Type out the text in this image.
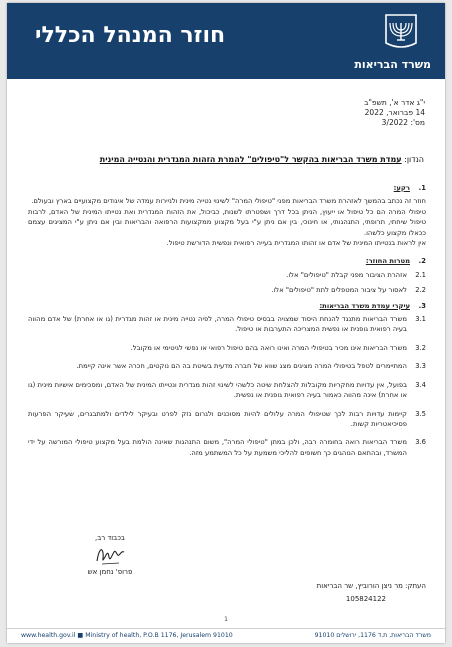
משרד הבריאות
חוזר המנהל הכללי
י"ג אדר א', תשפ"ב
14 פברואר, 2022
מס': 3/2022
הנדון: עמדת משרד הבריאות בהקשר ל"טיפולים" להמרת הזהות המגדרית והנטייה המינית
1.
רקע:
חוזר זה נכתב בהמשך לאזהרת משרד הבריאות מפני "טיפולי המרה" לשינוי נטייה מינית ולניירות עמדה של איגודים מקצועיים בארץ ובעולם.
טיפולי המרה הם כל טיפול או ייעוץ, הניתן בכל דרך ושפטרתו לשנות, כביכול, את הזהות המגדרית ואת נטייתו המינית של האדם, לרבות טיפול שיחתי, תרופתי, התנהגותי, או חינוכי, בין אם ניתן ע"י בעל מקצוע ממקצועות הרפואה והבריאות ובין אם ניתן ע"י המציגים עצמם ככאלו מקצוע כלשהו.
אין לראות בנטייתו המינית של אדם או זהותו המגדרית בעייה רפואית ונפשית הדורשת טיפול.
2.
מטרות החוזר:
2.1
אזהרת הציבור מפני קבלת "טיפולים" אלו.
2.2
לאסור על ציבור המטפלים לתת "טיפולים" אלו.
3.
עיקרי עמדת משרד הבריאות:
3.1
משרד הבריאות מתנגד להנחת היסוד שמצויה בבסיס טיפולי המרה, לפיה נטייה מינית או זהות מגדרית (גו או אחרת) של אדם מהווה בעיה רפואית גופנית או נפשית המצריכה התערבות או טיפול.
3.2
משרד הבריאות אינו מכיר בטיפולי המרה ואינו רואה בהם טיפול רפואי או נפשי לגיטימי או מקובל.
3.3
המתיימרים לטפל בטיפולי המרה מציגים מצג שווא של חברה מדעית בשיטת בה הם נוקטים, חכרה אשר אינה קיימת.
3.4
בפועל, אין עדויות מחקריות מקובלות להצלחת שיטה כלשהי לשינוי זהות מגדרית ונטייתו המינית של האדם, ומסכימים אישיות מינית (גו או אחרת) אינה מהווה כאמור בעיה רפואית גופנית או נפשית.
3.5
קיימות עדויות רבות לכך שטיפולי המרה עלולים להיות מסוכנים ולגרום נזק לפרט ובעיקר לילדים ולמתבגרים, שעיקר הפרעות פסיכיאטריות קשות.
3.6
משרד הבריאות רואה בחומרה רבה, ולכן במתן "טיפולי המרה", משום התנהגות שאינה הולמת בעל מקצוע טיפולי המורשה על ידי המשרד, ובהתאם הנוהגים כך חשופים להליכי משמעת על כל המשתמע מזה.
בכבוד רב,
פרופ' נחמן אש
העתק: מר ניצן הורוביץ, שר הבריאות
105824122
1
www.health.gov.il ■ Ministry of health, P.O.B 1176, Jerusalem 91010	משרד הבריאות, ת.ד 1176, ירושלים 91010
